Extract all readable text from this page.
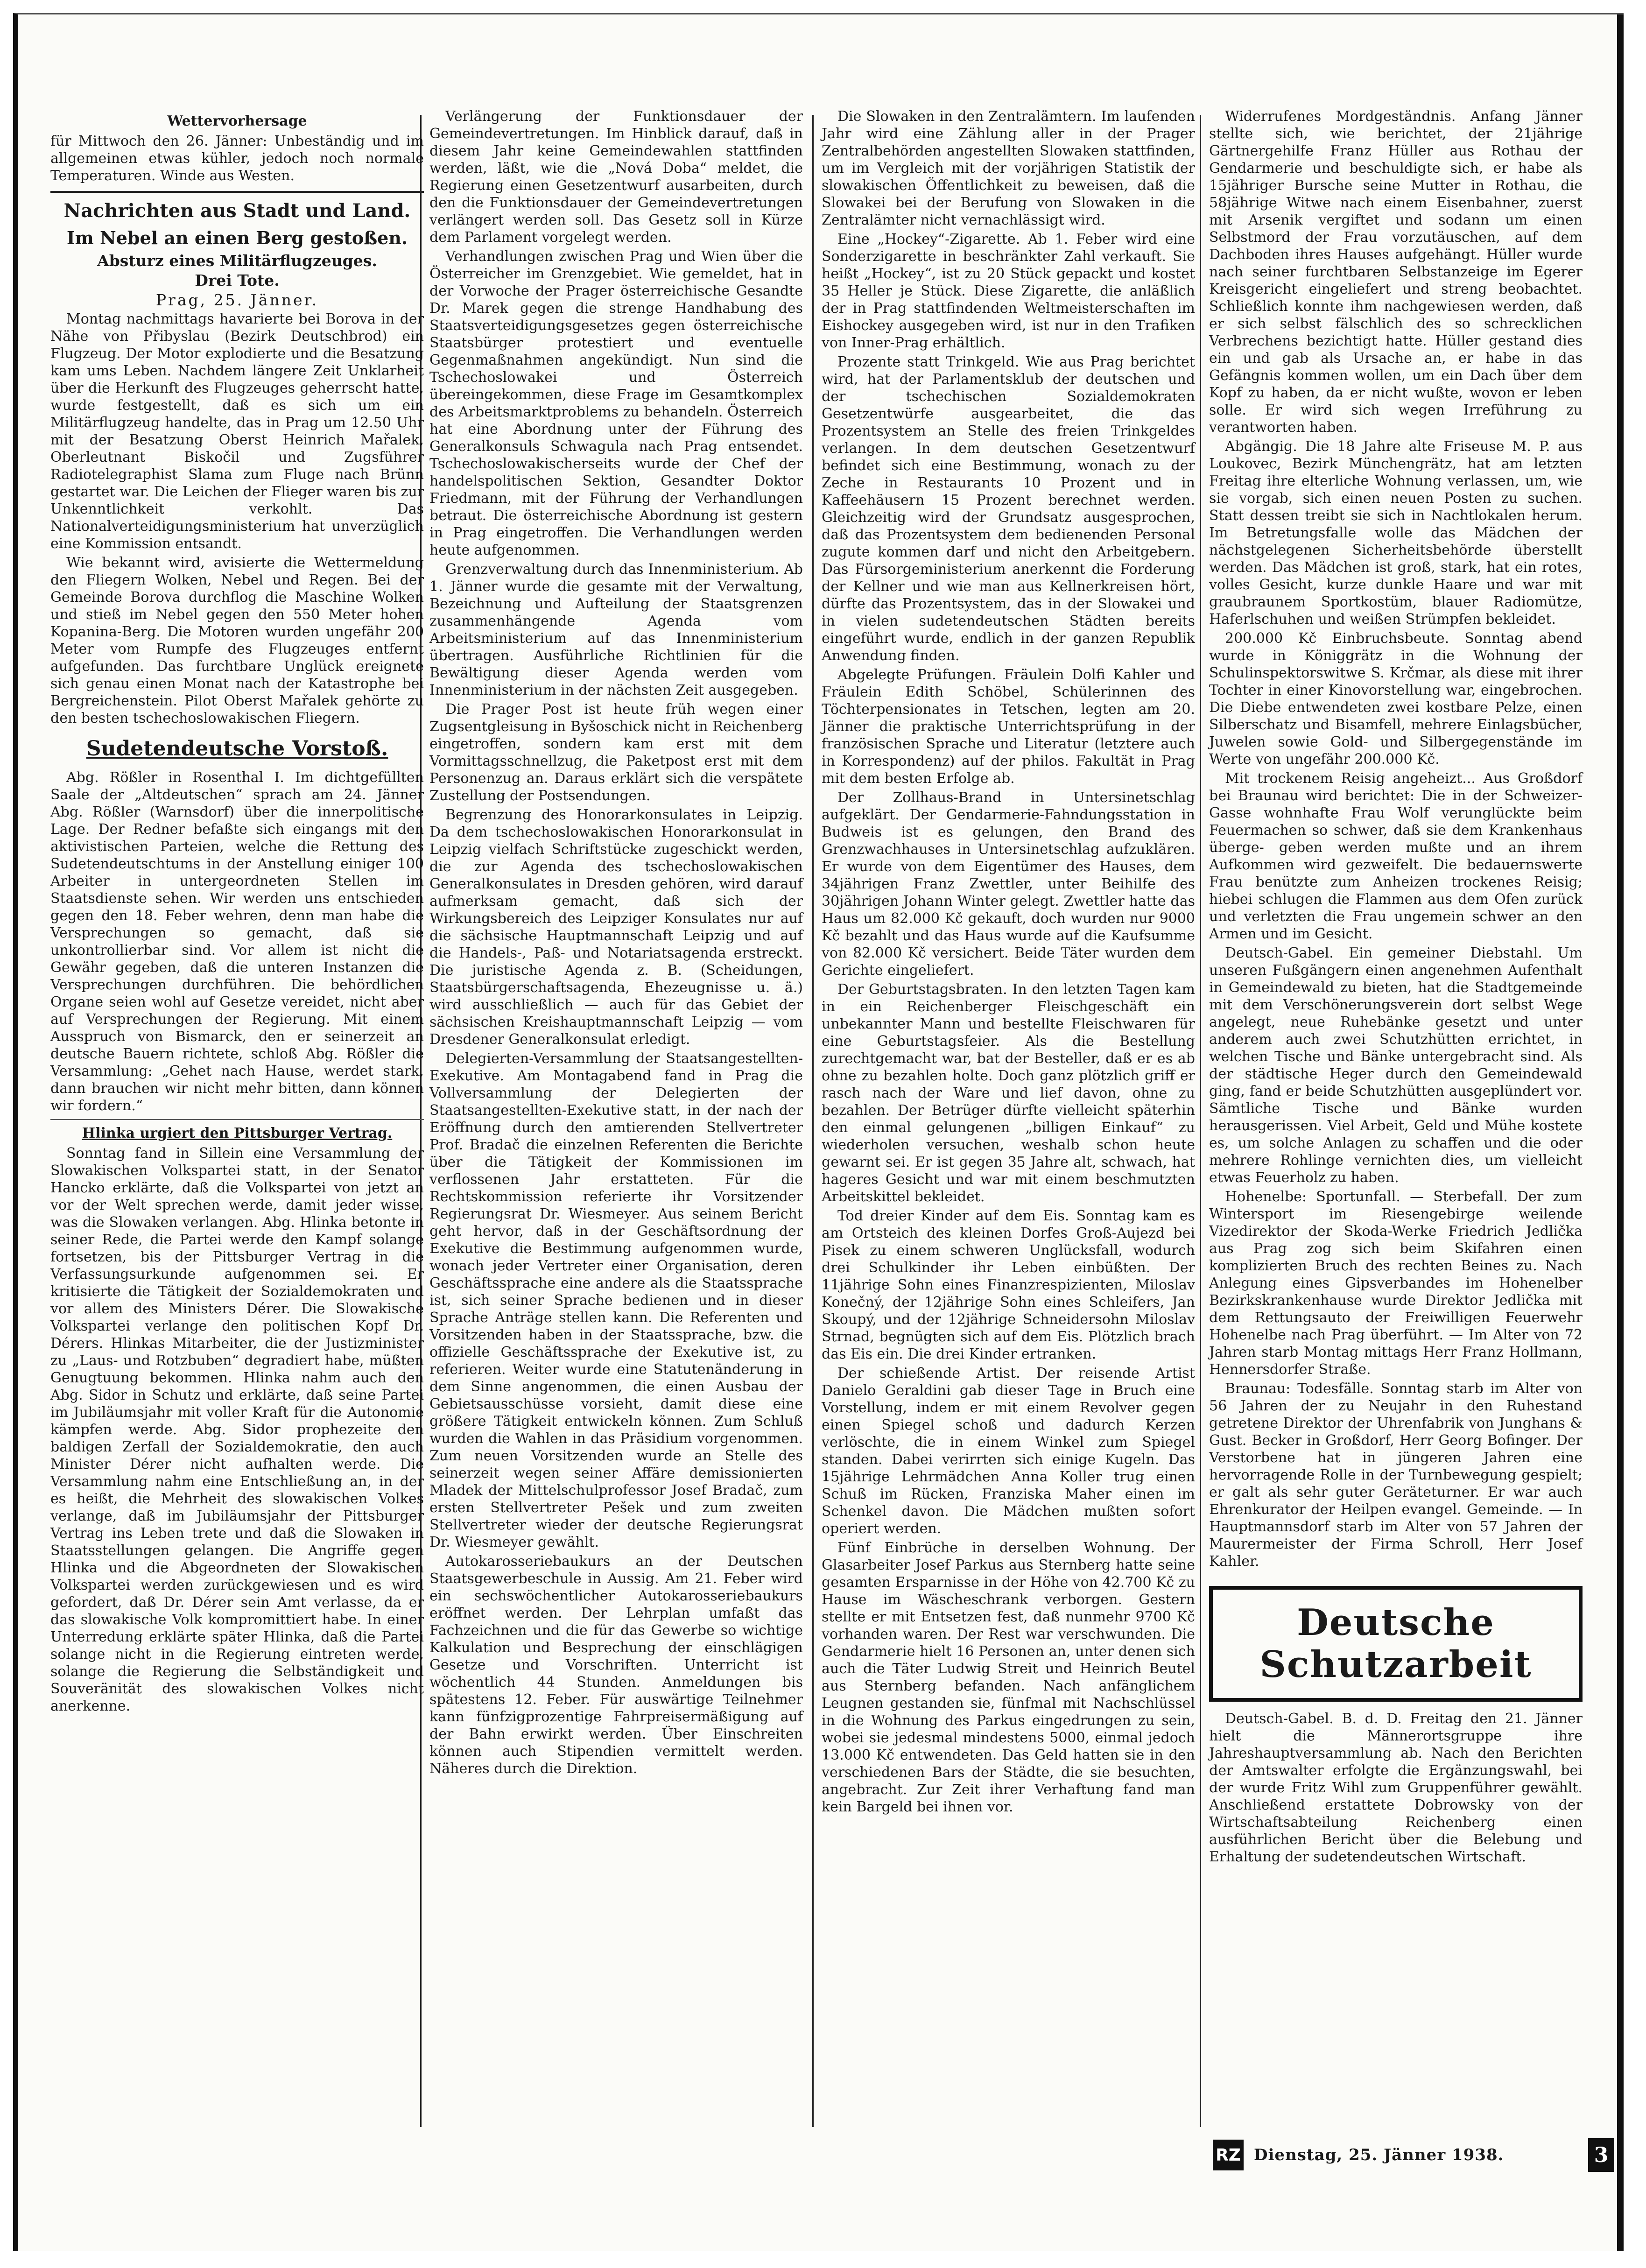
Wettervorhersage

für Mittwoch den 26. Jänner: Unbeständig und im allgemeinen etwas kühler, jedoch noch normale Temperaturen. Winde aus Westen.

Nachrichten aus Stadt und Land.
Im Nebel an einen Berg gestoßen.
Absturz eines Militärflugzeuges.
Drei Tote.
Prag, 25. Jänner.

Montag nachmittags havarierte bei Borova in der Nähe von Přibyslau (Bezirk Deutschbrod) ein Flugzeug. Der Motor explodierte und die Besatzung kam ums Leben. Nachdem längere Zeit Unklarheit über die Herkunft des Flugzeuges geherrscht hatte, wurde festgestellt, daß es sich um ein Militärflugzeug handelte, das in Prag um 12.50 Uhr mit der Besatzung Oberst Heinrich Mařalek, Oberleutnant Biskočil und Zugsführer Radiotelegraphist Slama zum Fluge nach Brünn gestartet war. Die Leichen der Flieger waren bis zur Unkenntlichkeit verkohlt. Das Nationalverteidigungsministerium hat unverzüglich eine Kommission entsandt.

Wie bekannt wird, avisierte die Wettermeldung den Fliegern Wolken, Nebel und Regen. Bei der Gemeinde Borova durchflog die Maschine Wolken und stieß im Nebel gegen den 550 Meter hohen Kopanina-Berg. Die Motoren wurden ungefähr 200 Meter vom Rumpfe des Flugzeuges entfernt aufgefunden. Das furchtbare Unglück ereignete sich genau einen Monat nach der Katastrophe bei Bergreichenstein. Pilot Oberst Mařalek gehörte zu den besten tschechoslowakischen Fliegern.

Sudetendeutsche Vorstoß.

Abg. Rößler in Rosenthal I. Im dichtgefüllten Saale der „Altdeutschen“ sprach am 24. Jänner Abg. Rößler (Warnsdorf) über die innerpolitische Lage. Der Redner befaßte sich eingangs mit den aktivistischen Parteien, welche die Rettung des Sudetendeutschtums in der Anstellung einiger 100 Arbeiter in untergeordneten Stellen im Staatsdienste sehen. Wir werden uns entschieden gegen den 18. Feber wehren, denn man habe die Versprechungen so gemacht, daß sie unkontrollierbar sind. Vor allem ist nicht die Gewähr gegeben, daß die unteren Instanzen die Versprechungen durchführen. Die behördlichen Organe seien wohl auf Gesetze vereidet, nicht aber auf Versprechungen der Regierung. Mit einem Ausspruch von Bismarck, den er seinerzeit an deutsche Bauern richtete, schloß Abg. Rößler die Versammlung: „Gehet nach Hause, werdet stark, dann brauchen wir nicht mehr bitten, dann können wir fordern.“

Hlinka urgiert den Pittsburger Vertrag.

Sonntag fand in Sillein eine Versammlung der Slowakischen Volkspartei statt, in der Senator Hancko erklärte, daß die Volkspartei von jetzt an vor der Welt sprechen werde, damit jeder wisse, was die Slowaken verlangen. Abg. Hlinka betonte in seiner Rede, die Partei werde den Kampf solange fortsetzen, bis der Pittsburger Vertrag in die Verfassungsurkunde aufgenommen sei. Er kritisierte die Tätigkeit der Sozialdemokraten und vor allem des Ministers Dérer. Die Slowakische Volkspartei verlange den politischen Kopf Dr. Dérers. Hlinkas Mitarbeiter, die der Justizminister zu „Laus- und Rotzbuben“ degradiert habe, müßten Genugtuung bekommen. Hlinka nahm auch den Abg. Sidor in Schutz und erklärte, daß seine Partei im Jubiläumsjahr mit voller Kraft für die Autonomie kämpfen werde. Abg. Sidor prophezeite den baldigen Zerfall der Sozialdemokratie, den auch Minister Dérer nicht aufhalten werde. Die Versammlung nahm eine Entschließung an, in der es heißt, die Mehrheit des slowakischen Volkes verlange, daß im Jubiläumsjahr der Pittsburger Vertrag ins Leben trete und daß die Slowaken in Staatsstellungen gelangen. Die Angriffe gegen Hlinka und die Abgeordneten der Slowakischen Volkspartei werden zurückgewiesen und es wird gefordert, daß Dr. Dérer sein Amt verlasse, da er das slowakische Volk kompromittiert habe. In einer Unterredung erklärte später Hlinka, daß die Partei solange nicht in die Regierung eintreten werde, solange die Regierung die Selbständigkeit und Souveränität des slowakischen Volkes nicht anerkenne.

Verlängerung der Funktionsdauer der Gemeindevertretungen. Im Hinblick darauf, daß in diesem Jahr keine Gemeindewahlen stattfinden werden, läßt, wie die „Nová Doba“ meldet, die Regierung einen Gesetzentwurf ausarbeiten, durch den die Funktionsdauer der Gemeindevertretungen verlängert werden soll. Das Gesetz soll in Kürze dem Parlament vorgelegt werden.

Verhandlungen zwischen Prag und Wien über die Österreicher im Grenzgebiet. Wie gemeldet, hat in der Vorwoche der Prager österreichische Gesandte Dr. Marek gegen die strenge Handhabung des Staatsverteidigungsgesetzes gegen österreichische Staatsbürger protestiert und eventuelle Gegenmaßnahmen angekündigt. Nun sind die Tschechoslowakei und Österreich übereingekommen, diese Frage im Gesamtkomplex des Arbeitsmarktproblems zu behandeln. Österreich hat eine Abordnung unter der Führung des Generalkonsuls Schwagula nach Prag entsendet. Tschechoslowakischerseits wurde der Chef der handelspolitischen Sektion, Gesandter Doktor Friedmann, mit der Führung der Verhandlungen betraut. Die österreichische Abordnung ist gestern in Prag eingetroffen. Die Verhandlungen werden heute aufgenommen.

Grenzverwaltung durch das Innenministerium. Ab 1. Jänner wurde die gesamte mit der Verwaltung, Bezeichnung und Aufteilung der Staatsgrenzen zusammenhängende Agenda vom Arbeitsministerium auf das Innenministerium übertragen. Ausführliche Richtlinien für die Bewältigung dieser Agenda werden vom Innenministerium in der nächsten Zeit ausgegeben.

Die Prager Post ist heute früh wegen einer Zugsentgleisung in Byšoschick nicht in Reichenberg eingetroffen, sondern kam erst mit dem Vormittagsschnellzug, die Paketpost erst mit dem Personenzug an. Daraus erklärt sich die verspätete Zustellung der Postsendungen.

Begrenzung des Honorarkonsulates in Leipzig. Da dem tschechoslowakischen Honorarkonsulat in Leipzig vielfach Schriftstücke zugeschickt werden, die zur Agenda des tschechoslowakischen Generalkonsulates in Dresden gehören, wird darauf aufmerksam gemacht, daß sich der Wirkungsbereich des Leipziger Konsulates nur auf die sächsische Hauptmannschaft Leipzig und auf die Handels-, Paß- und Notariatsagenda erstreckt. Die juristische Agenda z. B. (Scheidungen, Staatsbürgerschaftsagenda, Ehezeugnisse u. ä.) wird ausschließlich — auch für das Gebiet der sächsischen Kreishauptmannschaft Leipzig — vom Dresdener Generalkonsulat erledigt.

Delegierten-Versammlung der Staatsangestellten-Exekutive. Am Montagabend fand in Prag die Vollversammlung der Delegierten der Staatsangestellten-Exekutive statt, in der nach der Eröffnung durch den amtierenden Stellvertreter Prof. Bradač die einzelnen Referenten die Berichte über die Tätigkeit der Kommissionen im verflossenen Jahr erstatteten. Für die Rechtskommission referierte ihr Vorsitzender Regierungsrat Dr. Wiesmeyer. Aus seinem Bericht geht hervor, daß in der Geschäftsordnung der Exekutive die Bestimmung aufgenommen wurde, wonach jeder Vertreter einer Organisation, deren Geschäftssprache eine andere als die Staatssprache ist, sich seiner Sprache bedienen und in dieser Sprache Anträge stellen kann. Die Referenten und Vorsitzenden haben in der Staatssprache, bzw. die offizielle Geschäftssprache der Exekutive ist, zu referieren. Weiter wurde eine Statutenänderung in dem Sinne angenommen, die einen Ausbau der Gebietsausschüsse vorsieht, damit diese eine größere Tätigkeit entwickeln können. Zum Schluß wurden die Wahlen in das Präsidium vorgenommen. Zum neuen Vorsitzenden wurde an Stelle des seinerzeit wegen seiner Affäre demissionierten Mladek der Mittelschulprofessor Josef Bradač, zum ersten Stellvertreter Pešek und zum zweiten Stellvertreter wieder der deutsche Regierungsrat Dr. Wiesmeyer gewählt.

Autokarosseriebaukurs an der Deutschen Staatsgewerbeschule in Aussig. Am 21. Feber wird ein sechswöchentlicher Autokarosseriebaukurs eröffnet werden. Der Lehrplan umfaßt das Fachzeichnen und die für das Gewerbe so wichtige Kalkulation und Besprechung der einschlägigen Gesetze und Vorschriften. Unterricht ist wöchentlich 44 Stunden. Anmeldungen bis spätestens 12. Feber. Für auswärtige Teilnehmer kann fünfzigprozentige Fahrpreisermäßigung auf der Bahn erwirkt werden. Über Einschreiten können auch Stipendien vermittelt werden. Näheres durch die Direktion.

Die Slowaken in den Zentralämtern. Im laufenden Jahr wird eine Zählung aller in der Prager Zentralbehörden angestellten Slowaken stattfinden, um im Vergleich mit der vorjährigen Statistik der slowakischen Öffentlichkeit zu beweisen, daß die Slowakei bei der Berufung von Slowaken in die Zentralämter nicht vernachlässigt wird.

Eine „Hockey“-Zigarette. Ab 1. Feber wird eine Sonderzigarette in beschränkter Zahl verkauft. Sie heißt „Hockey“, ist zu 20 Stück gepackt und kostet 35 Heller je Stück. Diese Zigarette, die anläßlich der in Prag stattfindenden Weltmeisterschaften im Eishockey ausgegeben wird, ist nur in den Trafiken von Inner-Prag erhältlich.

Prozente statt Trinkgeld. Wie aus Prag berichtet wird, hat der Parlamentsklub der deutschen und der tschechischen Sozialdemokraten Gesetzentwürfe ausgearbeitet, die das Prozentsystem an Stelle des freien Trinkgeldes verlangen. In dem deutschen Gesetzentwurf befindet sich eine Bestimmung, wonach zu der Zeche in Restaurants 10 Prozent und in Kaffeehäusern 15 Prozent berechnet werden. Gleichzeitig wird der Grundsatz ausgesprochen, daß das Prozentsystem dem bedienenden Personal zugute kommen darf und nicht den Arbeitgebern. Das Fürsorgeministerium anerkennt die Forderung der Kellner und wie man aus Kellnerkreisen hört, dürfte das Prozentsystem, das in der Slowakei und in vielen sudetendeutschen Städten bereits eingeführt wurde, endlich in der ganzen Republik Anwendung finden.

Abgelegte Prüfungen. Fräulein Dolfi Kahler und Fräulein Edith Schöbel, Schülerinnen des Töchterpensionates in Tetschen, legten am 20. Jänner die praktische Unterrichtsprüfung in der französischen Sprache und Literatur (letztere auch in Korrespondenz) auf der philos. Fakultät in Prag mit dem besten Erfolge ab.

Der Zollhaus-Brand in Untersinetschlag aufgeklärt. Der Gendarmerie-Fahndungsstation in Budweis ist es gelungen, den Brand des Grenzwachhauses in Untersinetschlag aufzuklären. Er wurde von dem Eigentümer des Hauses, dem 34jährigen Franz Zwettler, unter Beihilfe des 30jährigen Johann Winter gelegt. Zwettler hatte das Haus um 82.000 Kč gekauft, doch wurden nur 9000 Kč bezahlt und das Haus wurde auf die Kaufsumme von 82.000 Kč versichert. Beide Täter wurden dem Gerichte eingeliefert.

Der Geburtstagsbraten. In den letzten Tagen kam in ein Reichenberger Fleischgeschäft ein unbekannter Mann und bestellte Fleischwaren für eine Geburtstagsfeier. Als die Bestellung zurechtgemacht war, bat der Besteller, daß er es ab ohne zu bezahlen holte. Doch ganz plötzlich griff er rasch nach der Ware und lief davon, ohne zu bezahlen. Der Betrüger dürfte vielleicht späterhin den einmal gelungenen „billigen Einkauf“ zu wiederholen versuchen, weshalb schon heute gewarnt sei. Er ist gegen 35 Jahre alt, schwach, hat hageres Gesicht und war mit einem beschmutzten Arbeitskittel bekleidet.

Tod dreier Kinder auf dem Eis. Sonntag kam es am Ortsteich des kleinen Dorfes Groß-Aujezd bei Pisek zu einem schweren Unglücksfall, wodurch drei Schulkinder ihr Leben einbüßten. Der 11jährige Sohn eines Finanzrespizienten, Miloslav Konečný, der 12jährige Sohn eines Schleifers, Jan Skoupý, und der 12jährige Schneidersohn Miloslav Strnad, begnügten sich auf dem Eis. Plötzlich brach das Eis ein. Die drei Kinder ertranken.

Der schießende Artist. Der reisende Artist Danielo Geraldini gab dieser Tage in Bruch eine Vorstellung, indem er mit einem Revolver gegen einen Spiegel schoß und dadurch Kerzen verlöschte, die in einem Winkel zum Spiegel standen. Dabei verirrten sich einige Kugeln. Das 15jährige Lehrmädchen Anna Koller trug einen Schuß im Rücken, Franziska Maher einen im Schenkel davon. Die Mädchen mußten sofort operiert werden.

Fünf Einbrüche in derselben Wohnung. Der Glasarbeiter Josef Parkus aus Sternberg hatte seine gesamten Ersparnisse in der Höhe von 42.700 Kč zu Hause im Wäscheschrank verborgen. Gestern stellte er mit Entsetzen fest, daß nunmehr 9700 Kč vorhanden waren. Der Rest war verschwunden. Die Gendarmerie hielt 16 Personen an, unter denen sich auch die Täter Ludwig Streit und Heinrich Beutel aus Sternberg befanden. Nach anfänglichem Leugnen gestanden sie, fünfmal mit Nachschlüssel in die Wohnung des Parkus eingedrungen zu sein, wobei sie jedesmal mindestens 5000, einmal jedoch 13.000 Kč entwendeten. Das Geld hatten sie in den verschiedenen Bars der Städte, die sie besuchten, angebracht. Zur Zeit ihrer Verhaftung fand man kein Bargeld bei ihnen vor.

Widerrufenes Mordgeständnis. Anfang Jänner stellte sich, wie berichtet, der 21jährige Gärtnergehilfe Franz Hüller aus Rothau der Gendarmerie und beschuldigte sich, er habe als 15jähriger Bursche seine Mutter in Rothau, die 58jährige Witwe nach einem Eisenbahner, zuerst mit Arsenik vergiftet und sodann um einen Selbstmord der Frau vorzutäuschen, auf dem Dachboden ihres Hauses aufgehängt. Hüller wurde nach seiner furchtbaren Selbstanzeige im Egerer Kreisgericht eingeliefert und streng beobachtet. Schließlich konnte ihm nachgewiesen werden, daß er sich selbst fälschlich des so schrecklichen Verbrechens bezichtigt hatte. Hüller gestand dies ein und gab als Ursache an, er habe in das Gefängnis kommen wollen, um ein Dach über dem Kopf zu haben, da er nicht wußte, wovon er leben solle. Er wird sich wegen Irreführung zu verantworten haben.

Abgängig. Die 18 Jahre alte Friseuse M. P. aus Loukovec, Bezirk Münchengrätz, hat am letzten Freitag ihre elterliche Wohnung verlassen, um, wie sie vorgab, sich einen neuen Posten zu suchen. Statt dessen treibt sie sich in Nachtlokalen herum. Im Betretungsfalle wolle das Mädchen der nächstgelegenen Sicherheitsbehörde überstellt werden. Das Mädchen ist groß, stark, hat ein rotes, volles Gesicht, kurze dunkle Haare und war mit graubraunem Sportkostüm, blauer Radiomütze, Haferlschuhen und weißen Strümpfen bekleidet.

200.000 Kč Einbruchsbeute. Sonntag abend wurde in Königgrätz in die Wohnung der Schulinspektorswitwe S. Krčmar, als diese mit ihrer Tochter in einer Kinovorstellung war, eingebrochen. Die Diebe entwendeten zwei kostbare Pelze, einen Silberschatz und Bisamfell, mehrere Einlagsbücher, Juwelen sowie Gold- und Silbergegenstände im Werte von ungefähr 200.000 Kč.

Mit trockenem Reisig angeheizt... Aus Großdorf bei Braunau wird berichtet: Die in der Schweizer-Gasse wohnhafte Frau Wolf verunglückte beim Feuermachen so schwer, daß sie dem Krankenhaus überge- geben werden mußte und an ihrem Aufkommen wird gezweifelt. Die bedauernswerte Frau benützte zum Anheizen trockenes Reisig; hiebei schlugen die Flammen aus dem Ofen zurück und verletzten die Frau ungemein schwer an den Armen und im Gesicht.

Deutsch-Gabel. Ein gemeiner Diebstahl. Um unseren Fußgängern einen angenehmen Aufenthalt in Gemeindewald zu bieten, hat die Stadtgemeinde mit dem Verschönerungsverein dort selbst Wege angelegt, neue Ruhebänke gesetzt und unter anderem auch zwei Schutzhütten errichtet, in welchen Tische und Bänke untergebracht sind. Als der städtische Heger durch den Gemeindewald ging, fand er beide Schutzhütten ausgeplündert vor. Sämtliche Tische und Bänke wurden herausgerissen. Viel Arbeit, Geld und Mühe kostete es, um solche Anlagen zu schaffen und die oder mehrere Rohlinge vernichten dies, um vielleicht etwas Feuerholz zu haben.

Hohenelbe: Sportunfall. — Sterbefall. Der zum Wintersport im Riesengebirge weilende Vizedirektor der Skoda-Werke Friedrich Jedlička aus Prag zog sich beim Skifahren einen komplizierten Bruch des rechten Beines zu. Nach Anlegung eines Gipsverbandes im Hohenelber Bezirkskrankenhause wurde Direktor Jedlička mit dem Rettungsauto der Freiwilligen Feuerwehr Hohenelbe nach Prag überführt. — Im Alter von 72 Jahren starb Montag mittags Herr Franz Hollmann, Hennersdorfer Straße.

Braunau: Todesfälle. Sonntag starb im Alter von 56 Jahren der zu Neujahr in den Ruhestand getretene Direktor der Uhrenfabrik von Junghans & Gust. Becker in Großdorf, Herr Georg Bofinger. Der Verstorbene hat in jüngeren Jahren eine hervorragende Rolle in der Turnbewegung gespielt; er galt als sehr guter Geräteturner. Er war auch Ehrenkurator der Heilpen evangel. Gemeinde. — In Hauptmannsdorf starb im Alter von 57 Jahren der Maurermeister der Firma Schroll, Herr Josef Kahler.

Deutsche Schutzarbeit

Deutsch-Gabel. B. d. D. Freitag den 21. Jänner hielt die Männerortsgruppe ihre Jahreshauptversammlung ab. Nach den Berichten der Amtswalter erfolgte die Ergänzungswahl, bei der wurde Fritz Wihl zum Gruppenführer gewählt. Anschließend erstattete Dobrowsky von der Wirtschaftsabteilung Reichenberg einen ausführlichen Bericht über die Belebung und Erhaltung der sudetendeutschen Wirtschaft.

RZ Dienstag, 25. Jänner 1938.	3
